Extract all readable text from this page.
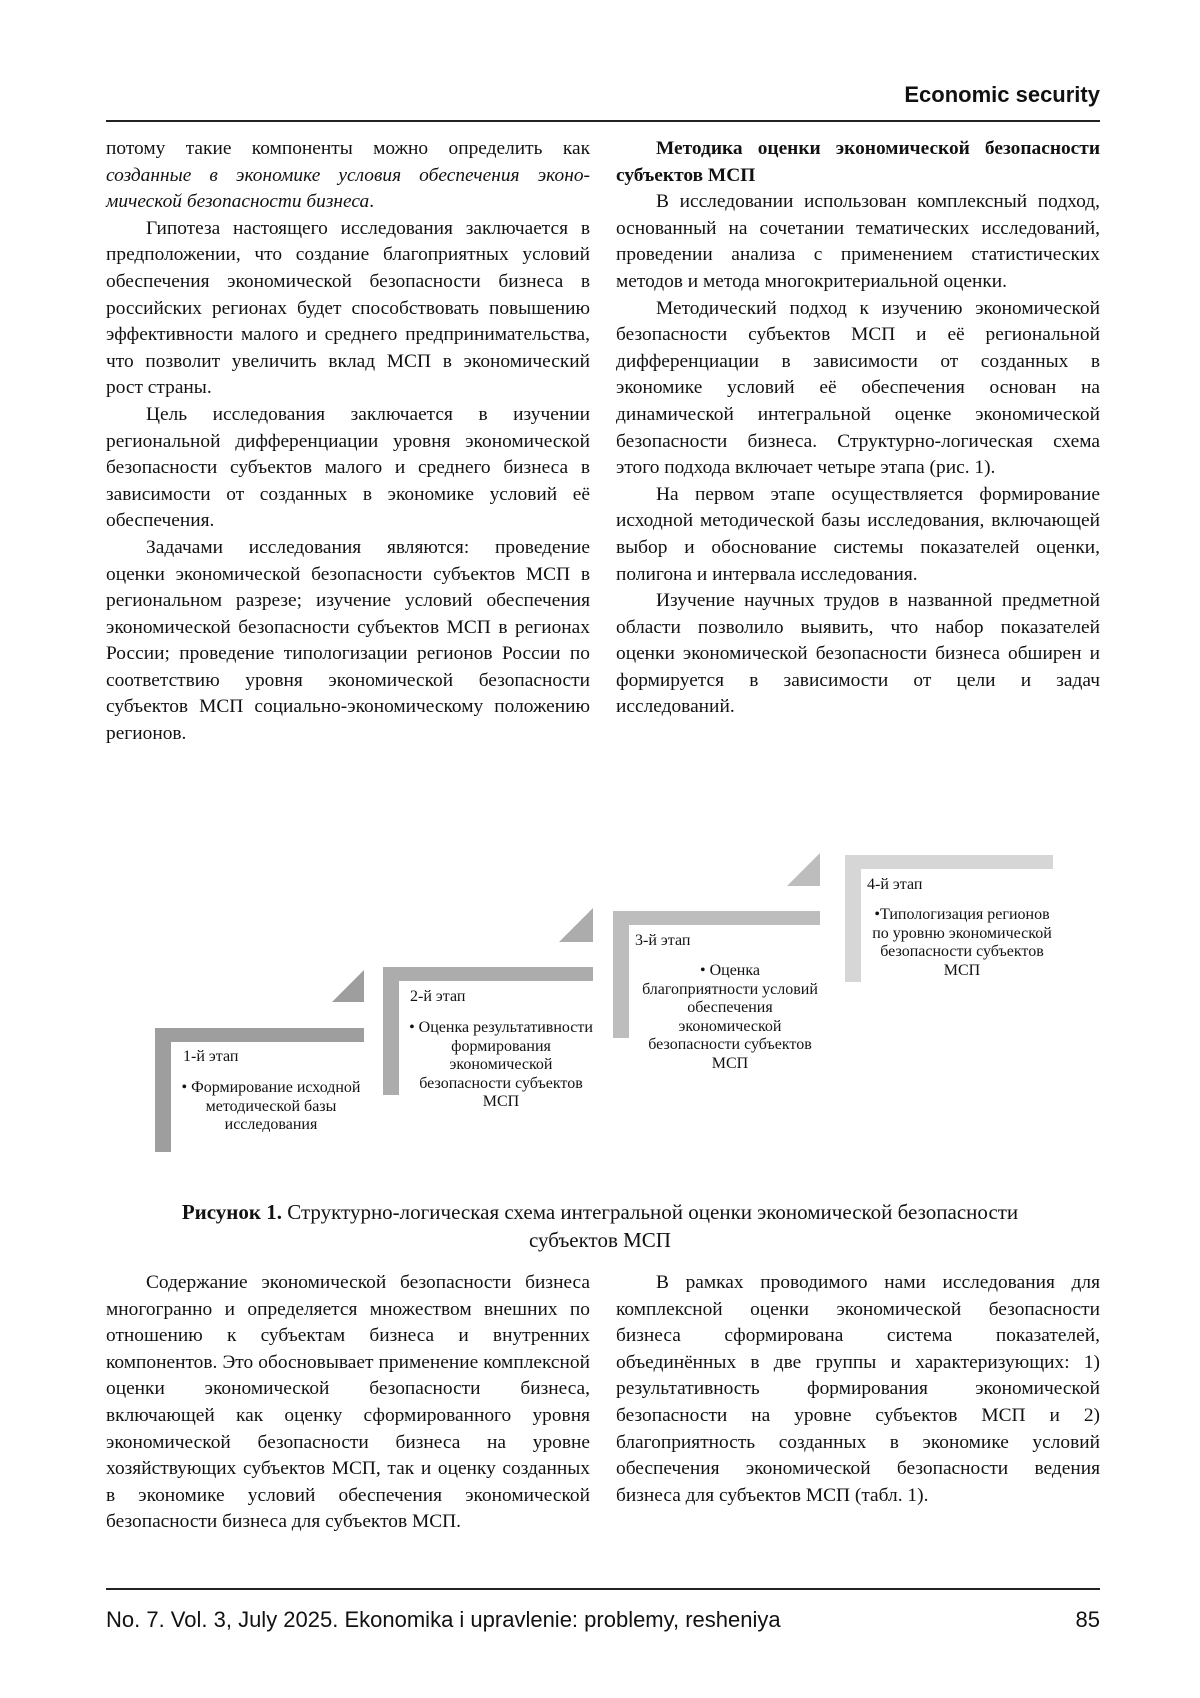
Economic security

потому такие компоненты можно определить как созданные в экономике условия обеспечения экономической безопасности бизнеса.

Гипотеза настоящего исследования заключается в предположении, что создание благоприятных условий обеспечения экономической безопасности бизнеса в российских регионах будет способствовать повышению эффективности малого и среднего предпринимательства, что позволит увеличить вклад МСП в экономический рост страны.

Цель исследования заключается в изучении региональной дифференциации уровня экономической безопасности субъектов малого и среднего бизнеса в зависимости от созданных в экономике условий её обеспечения.

Задачами исследования являются: проведение оценки экономической безопасности субъектов МСП в региональном разрезе; изучение условий обеспечения экономической безопасности субъектов МСП в регионах России; проведение типологизации регионов России по соответствию уровня экономической безопасности субъектов МСП социально-экономическому положению регионов.

Методика оценки экономической безопасности субъектов МСП

В исследовании использован комплексный подход, основанный на сочетании тематических исследований, проведении анализа с применением статистических методов и метода многокритериальной оценки.

Методический подход к изучению экономической безопасности субъектов МСП и её региональной дифференциации в зависимости от созданных в экономике условий её обеспечения основан на динамической интегральной оценке экономической безопасности бизнеса. Структурно-логическая схема этого подхода включает четыре этапа (рис. 1).

На первом этапе осуществляется формирование исходной методической базы исследования, включающей выбор и обоснование системы показателей оценки, полигона и интервала исследования.

Изучение научных трудов в названной предметной области позволило выявить, что набор показателей оценки экономической безопасности бизнеса обширен и формируется в зависимости от цели и задач исследований.

1-й этап
• Формирование исходной методической базы исследования
2-й этап
• Оценка результативности формирования экономической безопасности субъектов МСП
3-й этап
• Оценка благоприятности условий обеспечения экономической безопасности субъектов МСП
4-й этап
•Типологизация регионов по уровню экономической безопасности субъектов МСП
Рисунок 1. Структурно-логическая схема интегральной оценки экономической безопасности субъектов МСП

Содержание экономической безопасности бизнеса многогранно и определяется множеством внешних по отношению к субъектам бизнеса и внутренних компонентов. Это обосновывает применение комплексной оценки экономической безопасности бизнеса, включающей как оценку сформированного уровня экономической безопасности бизнеса на уровне хозяйствующих субъектов МСП, так и оценку созданных в экономике условий обеспечения экономической безопасности бизнеса для субъектов МСП.

В рамках проводимого нами исследования для комплексной оценки экономической безопасности бизнеса сформирована система показателей, объединённых в две группы и характеризующих: 1) результативность формирования экономической безопасности на уровне субъектов МСП и 2) благоприятность созданных в экономике условий обеспечения экономической безопасности ведения бизнеса для субъектов МСП (табл. 1).

No. 7. Vol. 3, July 2025. Ekonomika i upravlenie: problemy, resheniya	85
